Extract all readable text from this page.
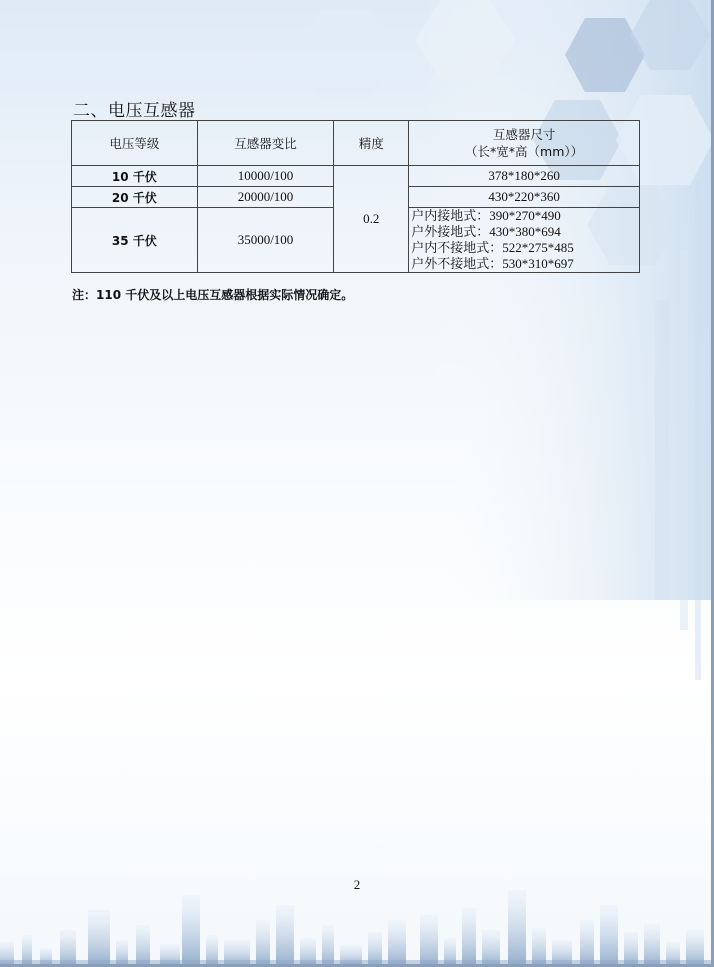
二、电压互感器
电压等级	互感器变比	精度	互感器尺寸
（长*宽*高（mm））

10 千伏	10000/100	0.2	378*180*260
20 千伏	20000/100		430*220*360
35 千伏	35000/100		户内接地式：390*270*490
户外接地式：430*380*694
户内不接地式：522*275*485
户外不接地式：530*310*697
注：110 千伏及以上电压互感器根据实际情况确定。
2
